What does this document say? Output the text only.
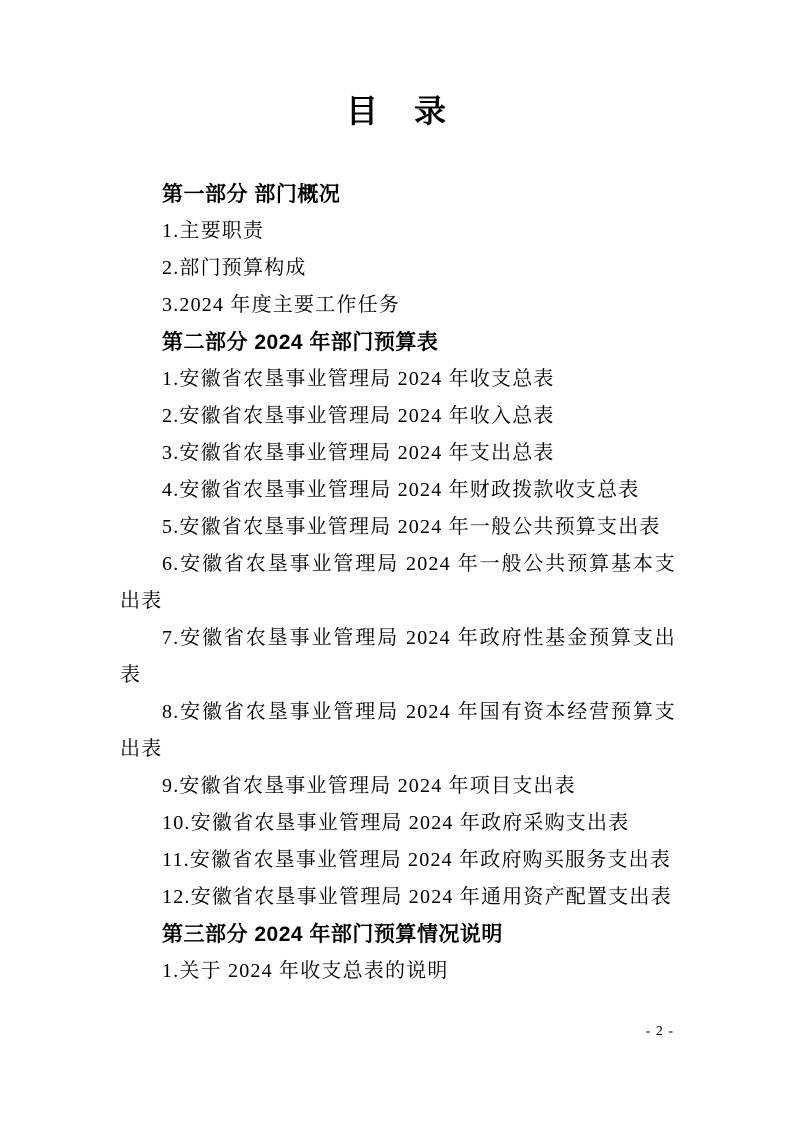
目　录

第一部分 部门概况

1.主要职责

2.部门预算构成

3.2024 年度主要工作任务

第二部分 2024 年部门预算表

1.安徽省农垦事业管理局 2024 年收支总表

2.安徽省农垦事业管理局 2024 年收入总表

3.安徽省农垦事业管理局 2024 年支出总表

4.安徽省农垦事业管理局 2024 年财政拨款收支总表

5.安徽省农垦事业管理局 2024 年一般公共预算支出表

6.安徽省农垦事业管理局 2024 年一般公共预算基本支出表

7.安徽省农垦事业管理局 2024 年政府性基金预算支出表

8.安徽省农垦事业管理局 2024 年国有资本经营预算支出表

9.安徽省农垦事业管理局 2024 年项目支出表

10.安徽省农垦事业管理局 2024 年政府采购支出表

11.安徽省农垦事业管理局 2024 年政府购买服务支出表

12.安徽省农垦事业管理局 2024 年通用资产配置支出表

第三部分 2024 年部门预算情况说明

1.关于 2024 年收支总表的说明

- 2 -
